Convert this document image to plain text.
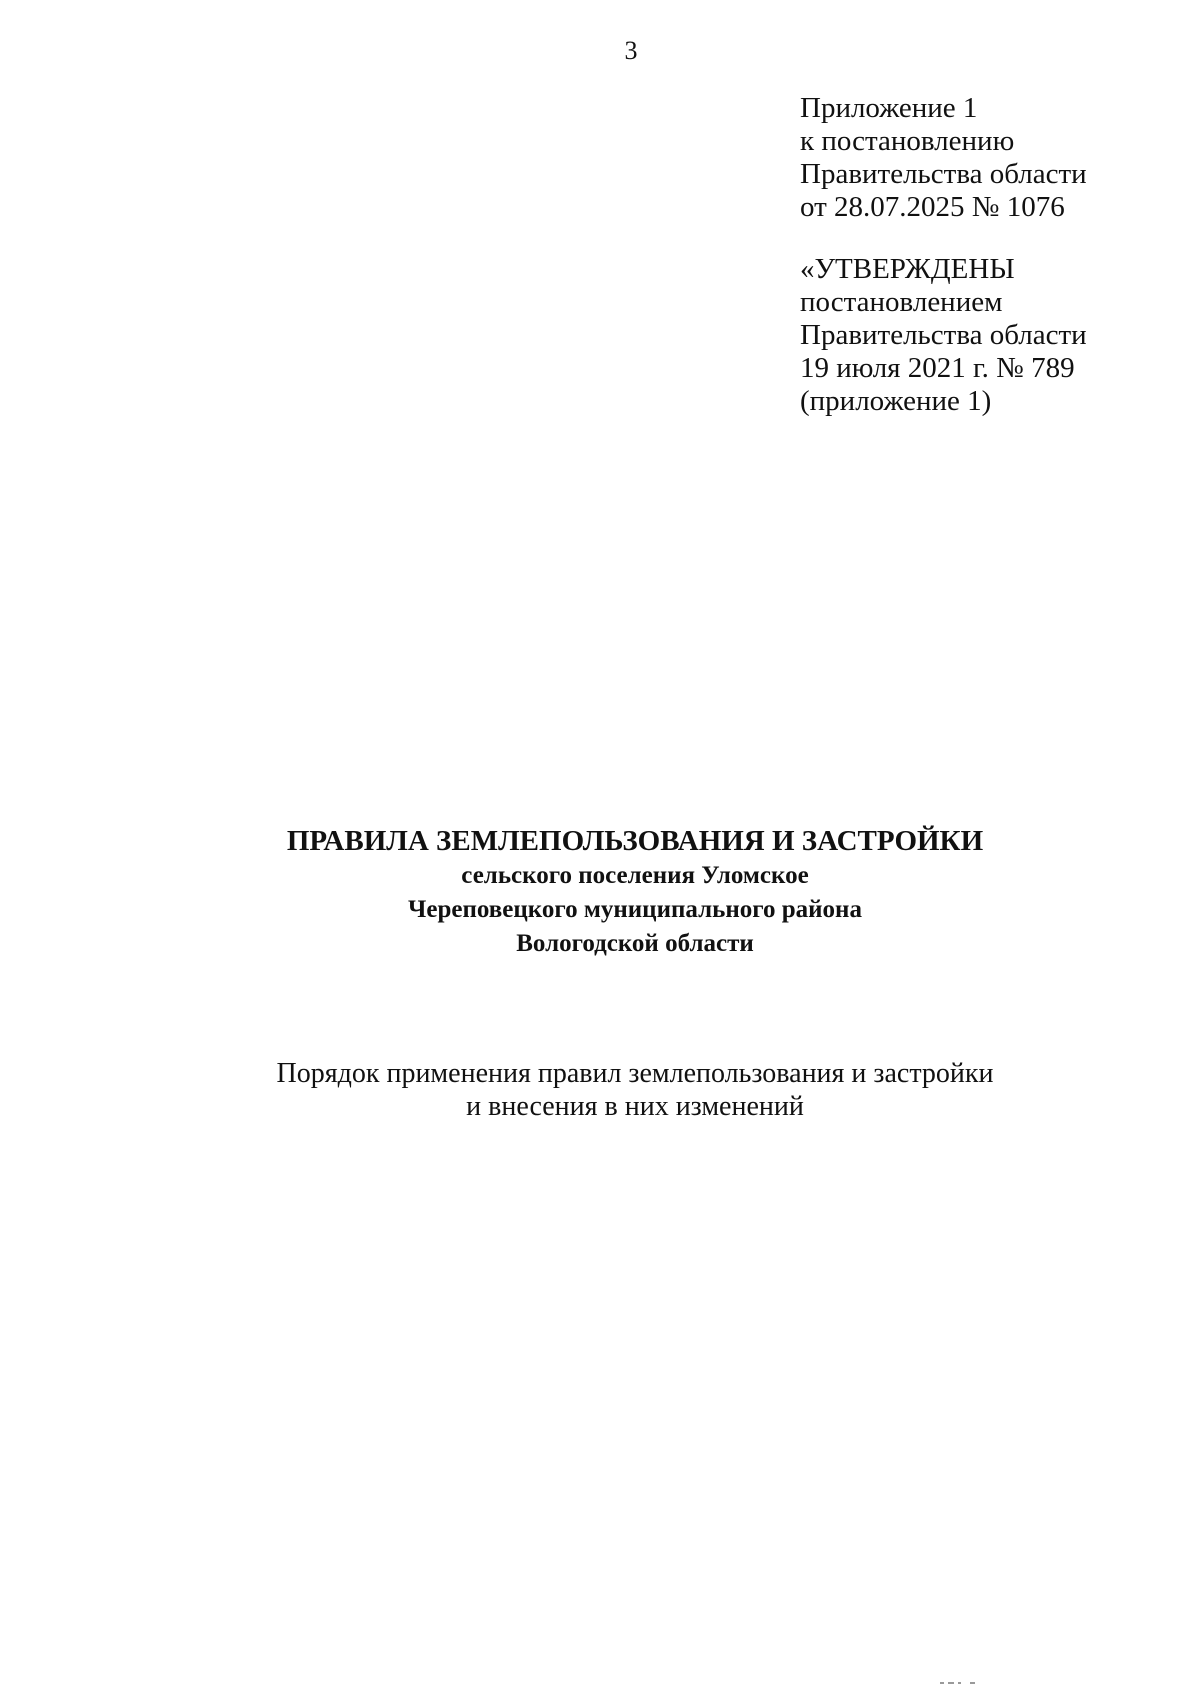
3
Приложение 1
к постановлению
Правительства области
от 28.07.2025 № 1076
«УТВЕРЖДЕНЫ
постановлением
Правительства области
19 июля 2021 г. № 789
(приложение 1)
ПРАВИЛА ЗЕМЛЕПОЛЬЗОВАНИЯ И ЗАСТРОЙКИ
сельского поселения Уломское
Череповецкого муниципального района
Вологодской области
Порядок применения правил землепользования и застройки
и внесения в них изменений
